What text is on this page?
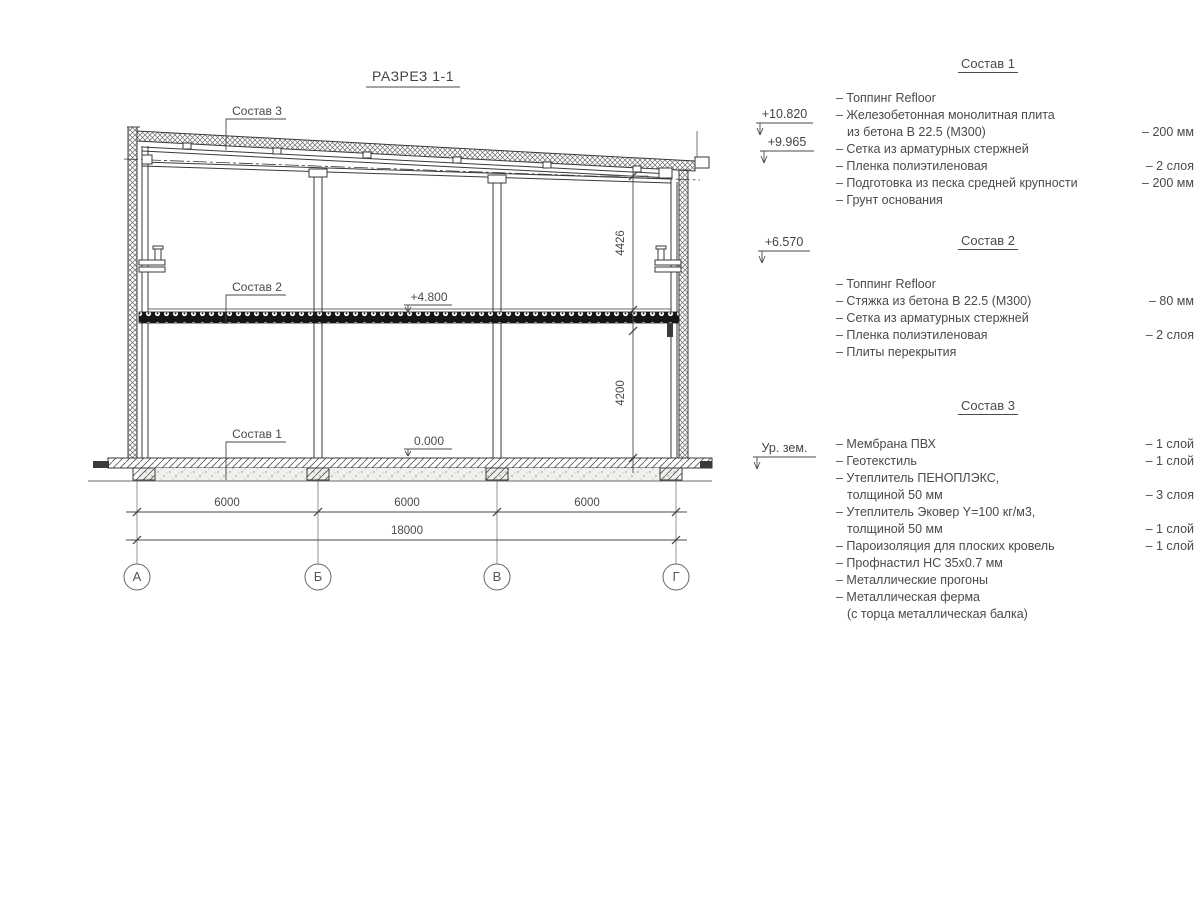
РАЗРЕЗ 1-1
Состав 3
Состав 2
Состав 1
+4.800
0.000
6000	6000	6000
18000
4426
4200
А	Б	В	Г
+10.820
+9.965
+6.570
Ур. зем.
Состав 1
– Топпинг Refloor
– Железобетонная монолитная плита
из бетона В 22.5 (М300)	– 200 мм
– Сетка из арматурных стержней
– Пленка полиэтиленовая	– 2 слоя
– Подготовка из песка средней крупности	– 200 мм
– Грунт основания
Состав 2
– Топпинг Refloor
– Стяжка из бетона В 22.5 (М300)	– 80 мм
– Сетка из арматурных стержней
– Пленка полиэтиленовая	– 2 слоя
– Плиты перекрытия
Состав 3
– Мембрана ПВХ	– 1 слой
– Геотекстиль	– 1 слой
– Утеплитель ПЕНОПЛЭКС,
толщиной 50 мм	– 3 слоя
– Утеплитель Эковер Y=100 кг/м3,
толщиной 50 мм	– 1 слой
– Пароизоляция для плоских кровель	– 1 слой
– Профнастил НС 35х0.7 мм
– Металлические прогоны
– Металлическая ферма
(с торца металлическая балка)
